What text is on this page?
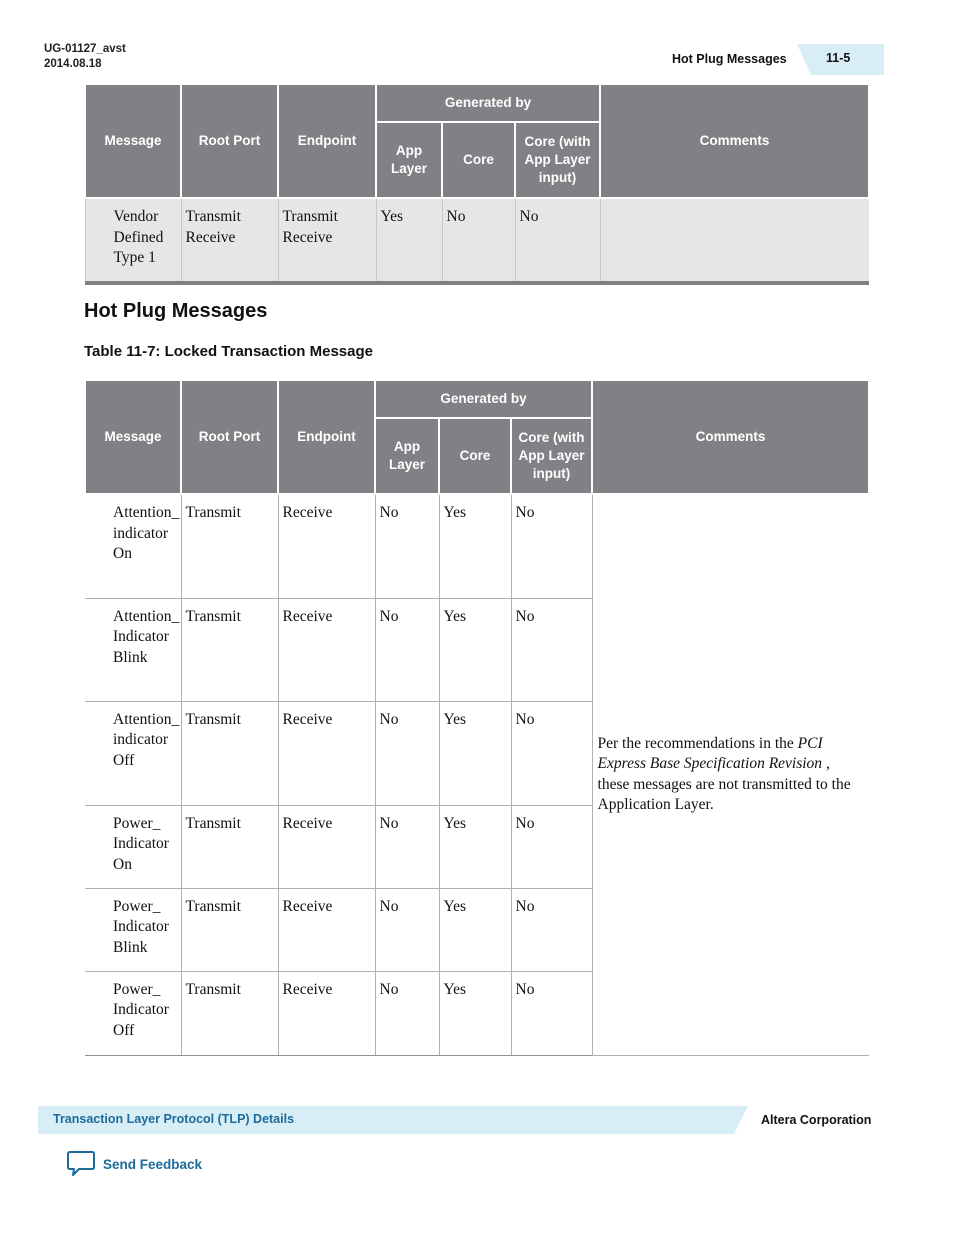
UG-01127_avst
2014.08.18	Hot Plug Messages	11-5
Message	Root Port	Endpoint	Generated by			Comments
			App Layer	Core	Core (with App Layer input)	
Vendor Defined Type 1	Transmit Receive	Transmit Receive	Yes	No	No	
Hot Plug Messages
Table 11-7: Locked Transaction Message
Message	Root Port	Endpoint	Generated by			Comments
			App Layer	Core	Core (with App Layer input)	
Attention_ indicator On	Transmit	Receive	No	Yes	No	Per the recommendations in the PCI Express Base Specification Revision , these messages are not transmitted to the Application Layer.
Attention_ Indicator Blink	Transmit	Receive	No	Yes	No	
Attention_ indicator Off	Transmit	Receive	No	Yes	No	
Power_ Indicator On	Transmit	Receive	No	Yes	No	
Power_ Indicator Blink	Transmit	Receive	No	Yes	No	
Power_ Indicator Off	Transmit	Receive	No	Yes	No	
Transaction Layer Protocol (TLP) Details	Altera Corporation
Send Feedback
